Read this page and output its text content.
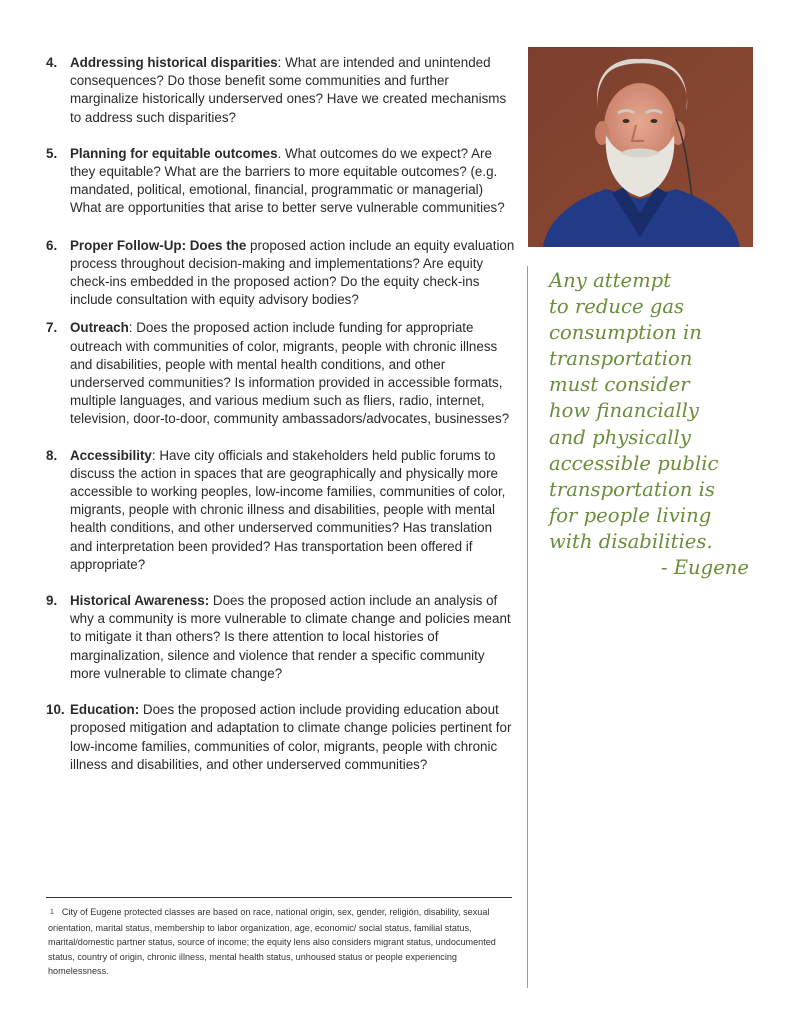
4. Addressing historical disparities: What are intended and unintended consequences? Do those benefit some communities and further marginalize historically underserved ones? Have we created mechanisms to address such disparities?
5. Planning for equitable outcomes. What outcomes do we expect? Are they equitable? What are the barriers to more equitable outcomes? (e.g. mandated, political, emotional, financial, programmatic or managerial) What are opportunities that arise to better serve vulnerable communities?
6. Proper Follow-Up: Does the proposed action include an equity evaluation process throughout decision-making and implementations? Are equity check-ins embedded in the proposed action? Do the equity check-ins include consultation with equity advisory bodies?
7. Outreach: Does the proposed action include funding for appropriate outreach with communities of color, migrants, people with chronic illness and disabilities, people with mental health conditions, and other underserved communities? Is information provided in accessible formats, multiple languages, and various medium such as fliers, radio, internet, television, door-to-door, community ambassadors/advocates, businesses?
8. Accessibility: Have city officials and stakeholders held public forums to discuss the action in spaces that are geographically and physically more accessible to working peoples, low-income families, communities of color, migrants, people with chronic illness and disabilities, people with mental health conditions, and other underserved communities? Has translation and interpretation been provided? Has transportation been offered if appropriate?
9. Historical Awareness: Does the proposed action include an analysis of why a community is more vulnerable to climate change and policies meant to mitigate it than others? Is there attention to local histories of marginalization, silence and violence that render a specific community more vulnerable to climate change?
10. Education: Does the proposed action include providing education about proposed mitigation and adaptation to climate change policies pertinent for low-income families, communities of color, migrants, people with chronic illness and disabilities, and other underserved communities?
1 City of Eugene protected classes are based on race, national origin, sex, gender, religión, disability, sexual orientation, marital status, membership to labor organization, age, economic/ social status, familial status, marital/domestic partner status, source of income; the equity lens also considers migrant status, undocumented status, country of origin, chronic illness, mental health status, unhoused status or people experiencing homelessness.
Any attempt
to reduce gas
consumption in
transportation
must consider
how financially
and physically
accessible public
transportation is
for people living
with disabilities.
- Eugene
